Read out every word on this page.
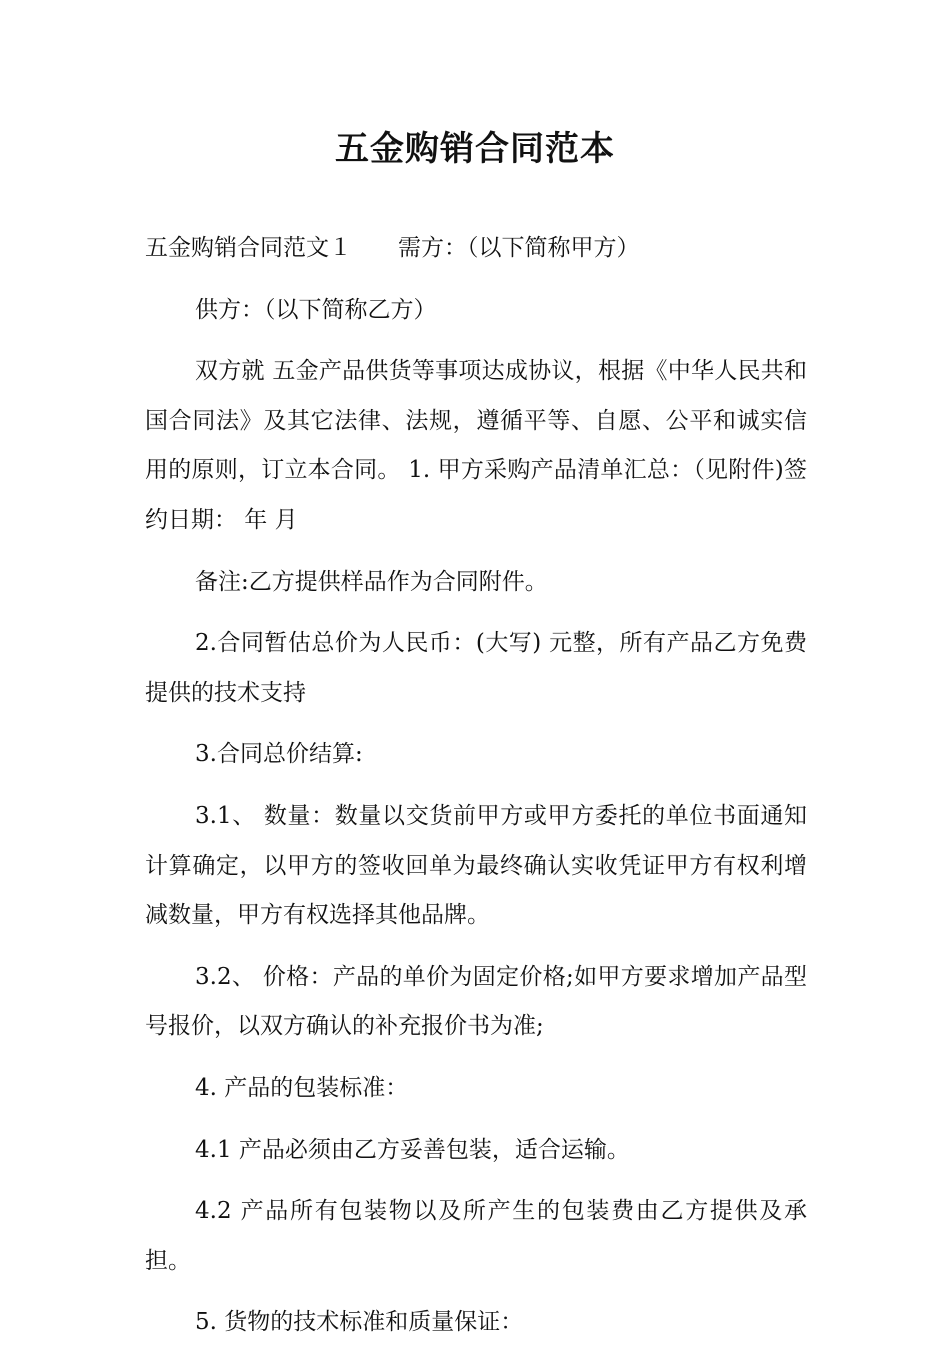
五金购销合同范本

五金购销合同范文１　　需方：（以下简称甲方）

供方：（以下简称乙方）

双方就 五金产品供货等事项达成协议，根据《中华人民共和国合同法》及其它法律、法规，遵循平等、自愿、公平和诚实信用的原则，订立本合同。 1. 甲方采购产品清单汇总：（见附件)签约日期： 年 月

备注:乙方提供样品作为合同附件。

2.合同暂估总价为人民币：(大写) 元整，所有产品乙方免费提供的技术支持

3.合同总价结算:

3.1、 数量：数量以交货前甲方或甲方委托的单位书面通知计算确定，以甲方的签收回单为最终确认实收凭证甲方有权利增减数量，甲方有权选择其他品牌。

3.2、 价格：产品的单价为固定价格;如甲方要求增加产品型号报价，以双方确认的补充报价书为准;

4. 产品的包装标准：

4.1 产品必须由乙方妥善包装，适合运输。

4.2 产品所有包装物以及所产生的包装费由乙方提供及承担。

5. 货物的技术标准和质量保证：
